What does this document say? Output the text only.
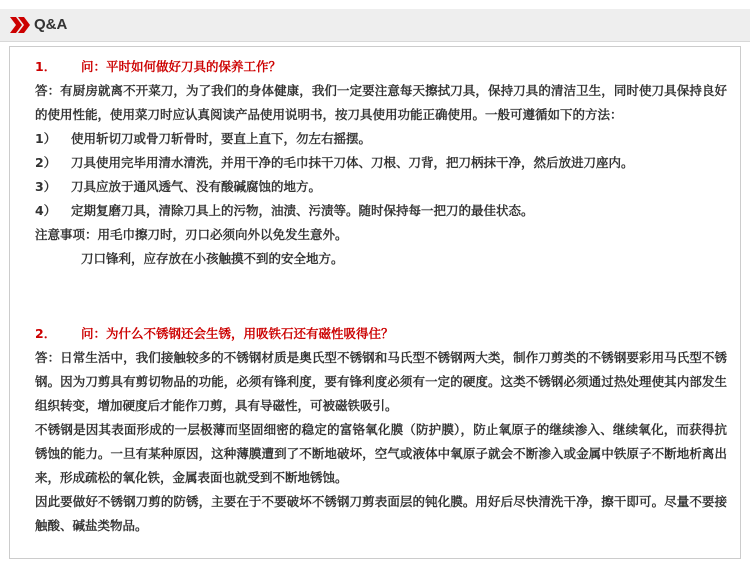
Q&A
1． 问：平时如何做好刀具的保养工作？
答：有厨房就离不开菜刀，为了我们的身体健康，我们一定要注意每天擦拭刀具，保持刀具的清洁卫生，同时使刀具保持良好的使用性能，使用菜刀时应认真阅读产品使用说明书，按刀具使用功能正确使用。一般可遵循如下的方法：
1）	使用斩切刀或骨刀斩骨时，要直上直下，勿左右摇摆。
2）	刀具使用完毕用清水清洗，并用干净的毛巾抹干刀体、刀根、刀背，把刀柄抹干净，然后放进刀座内。
3）	刀具应放于通风透气、没有酸碱腐蚀的地方。
4）	定期复磨刀具，清除刀具上的污物，油渍、污渍等。随时保持每一把刀的最佳状态。
注意事项：用毛巾擦刀时，刃口必须向外以免发生意外。
刀口锋利，应存放在小孩触摸不到的安全地方。
2． 问：为什么不锈钢还会生锈，用吸铁石还有磁性吸得住？
答：日常生活中，我们接触较多的不锈钢材质是奥氏型不锈钢和马氏型不锈钢两大类，制作刀剪类的不锈钢要彩用马氏型不锈钢。因为刀剪具有剪切物品的功能，必须有锋利度，要有锋利度必须有一定的硬度。这类不锈钢必须通过热处理使其内部发生组织转变，增加硬度后才能作刀剪，具有导磁性，可被磁铁吸引。
不锈钢是因其表面形成的一层极薄而坚固细密的稳定的富铬氧化膜（防护膜），防止氧原子的继续渗入、继续氧化，而获得抗锈蚀的能力。一旦有某种原因，这种薄膜遭到了不断地破坏，空气或液体中氧原子就会不断渗入或金属中铁原子不断地析离出来，形成疏松的氧化铁，金属表面也就受到不断地锈蚀。
因此要做好不锈钢刀剪的防锈，主要在于不要破坏不锈钢刀剪表面层的钝化膜。用好后尽快清洗干净，擦干即可。尽量不要接触酸、碱盐类物品。
